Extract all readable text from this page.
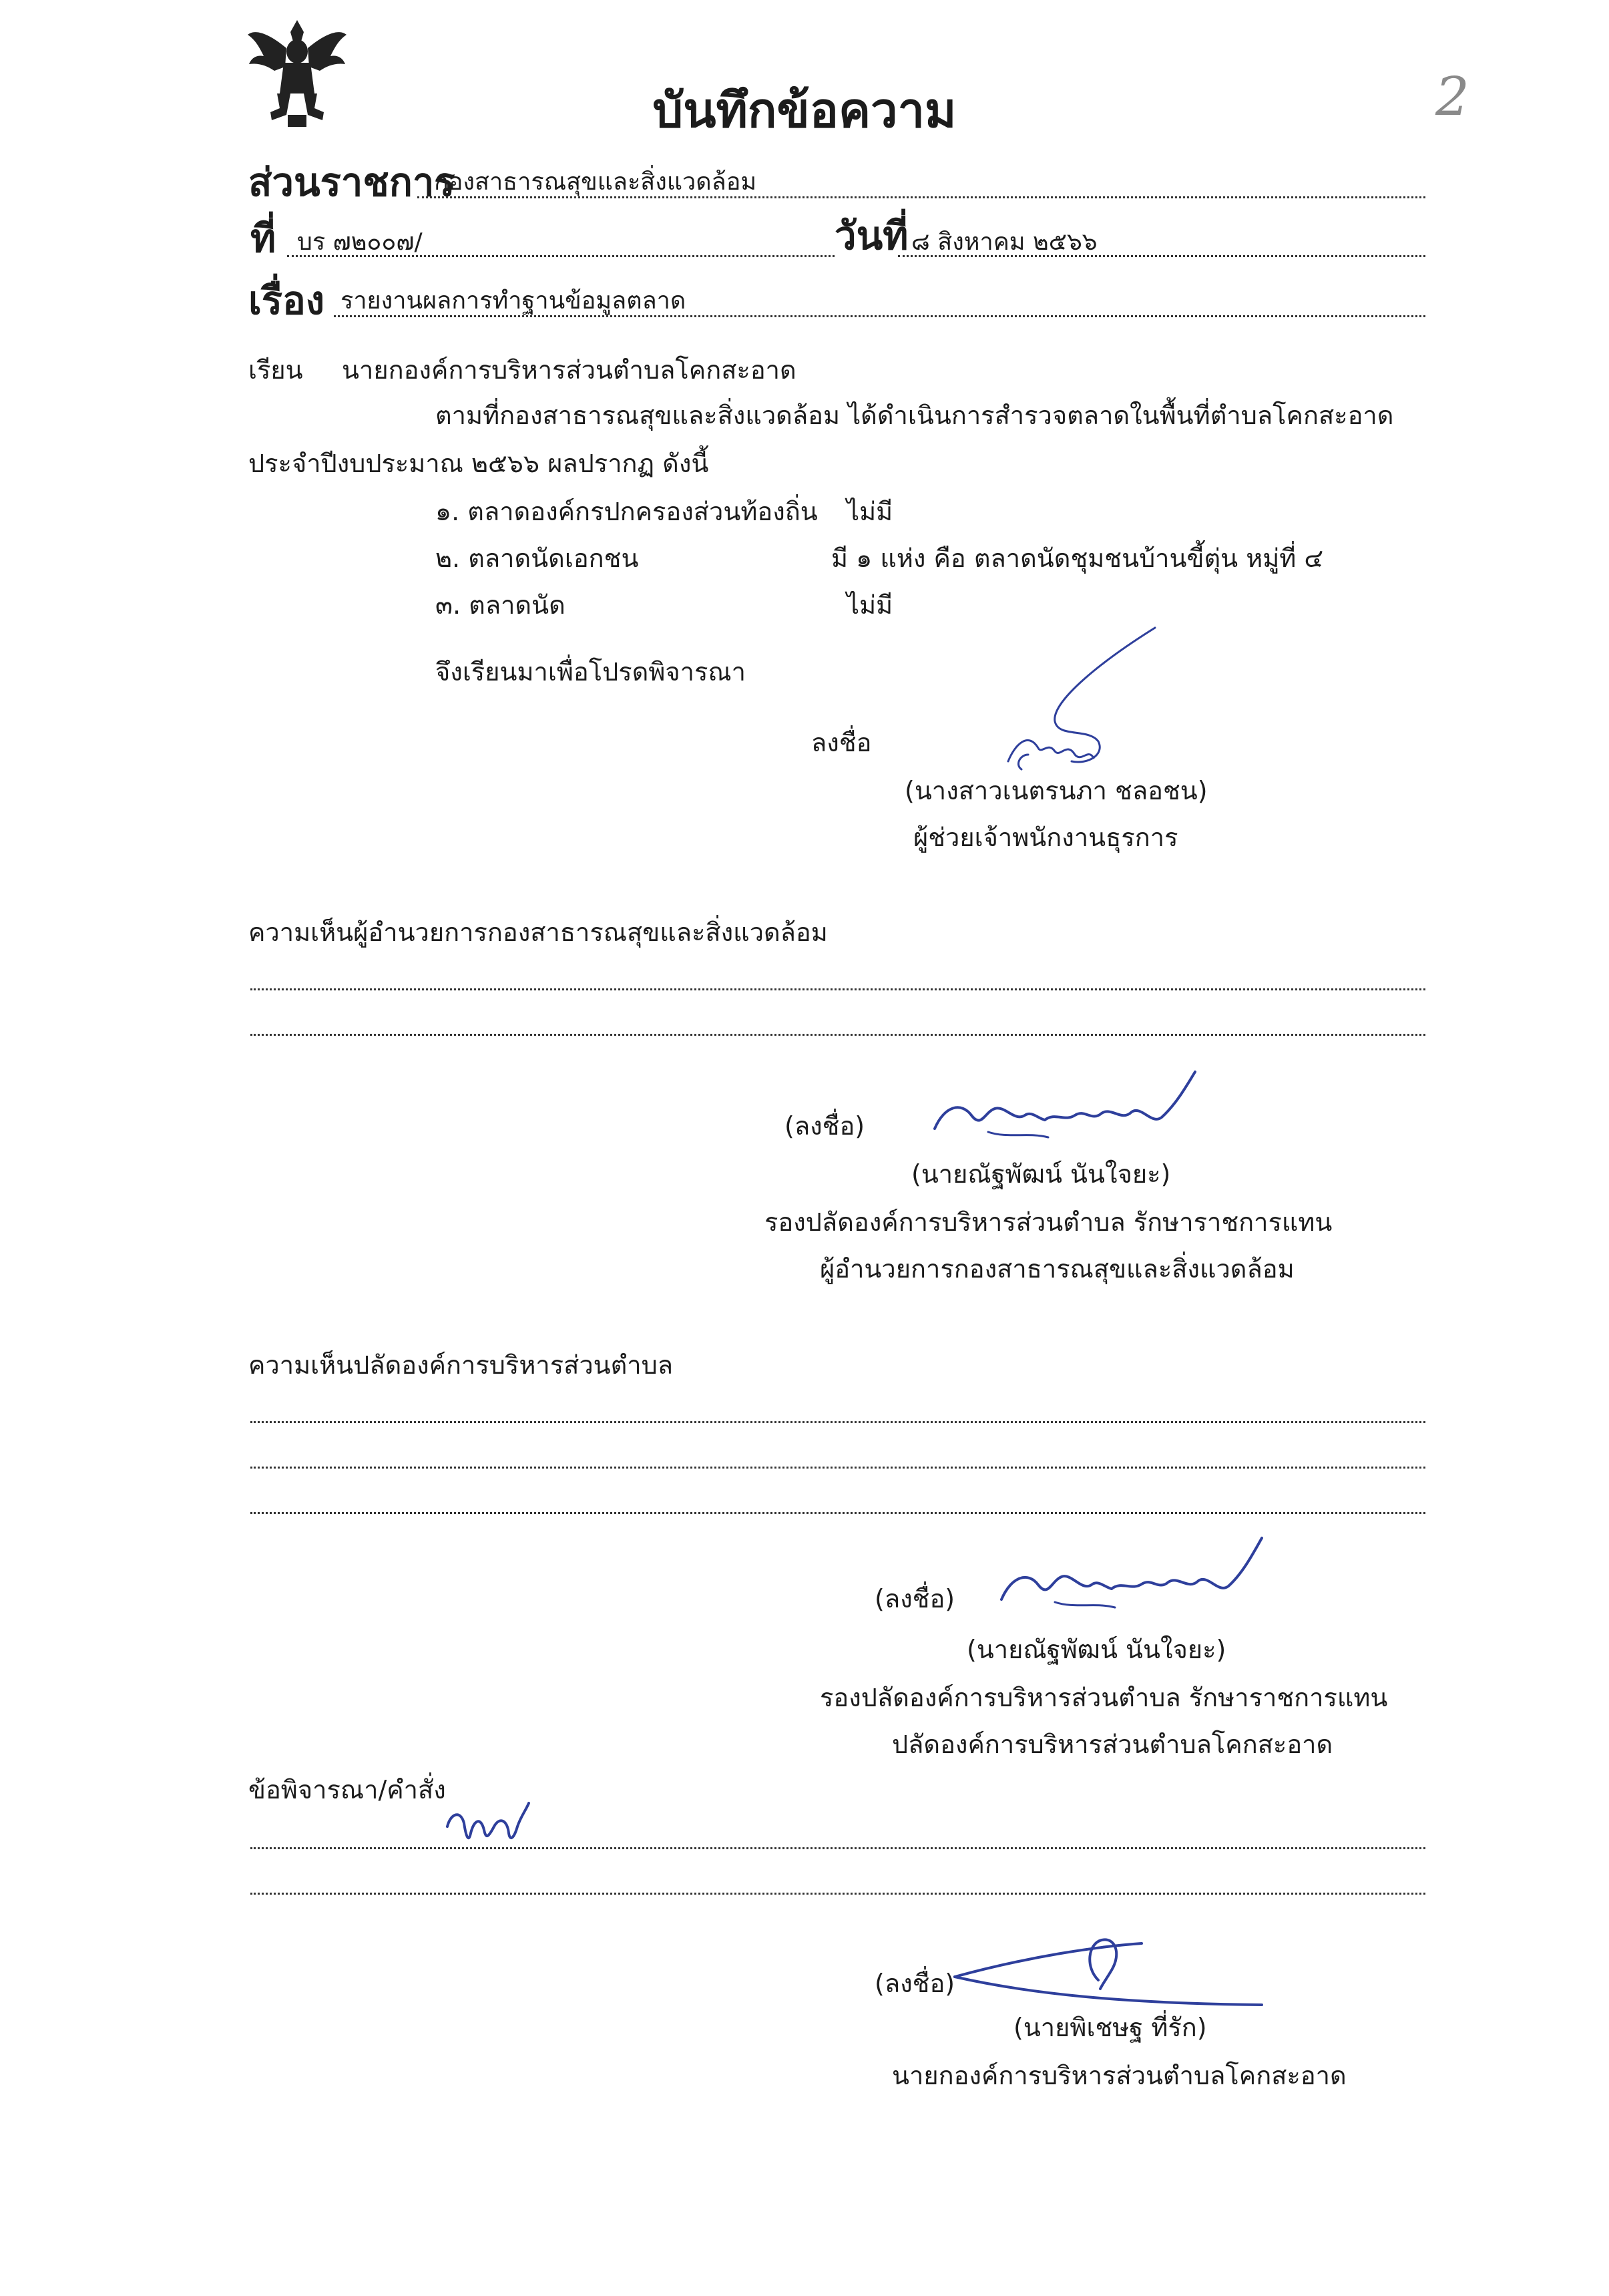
2
บันทึกข้อความ
ส่วนราชการ
กองสาธารณสุขและสิ่งแวดล้อม
ที่ บร ๗๒๐๐๗/	วันที่ ๘ สิงหาคม ๒๕๖๖
เรื่อง รายงานผลการทำฐานข้อมูลตลาด
เรียน นายกองค์การบริหารส่วนตำบลโคกสะอาด
ตามที่กองสาธารณสุขและสิ่งแวดล้อม ได้ดำเนินการสำรวจตลาดในพื้นที่ตำบลโคกสะอาด
ประจำปีงบประมาณ ๒๕๖๖ ผลปรากฏ ดังนี้
๑. ตลาดองค์กรปกครองส่วนท้องถิ่น ไม่มี
๒. ตลาดนัดเอกชน	มี ๑ แห่ง คือ ตลาดนัดชุมชนบ้านขี้ตุ่น หมู่ที่ ๔
๓. ตลาดนัด	ไม่มี
จึงเรียนมาเพื่อโปรดพิจารณา
ลงชื่อ
(นางสาวเนตรนภา ชลอชน)
ผู้ช่วยเจ้าพนักงานธุรการ
ความเห็นผู้อำนวยการกองสาธารณสุขและสิ่งแวดล้อม
(ลงชื่อ)
(นายณัฐพัฒน์ นันใจยะ)
รองปลัดองค์การบริหารส่วนตำบล รักษาราชการแทน
ผู้อำนวยการกองสาธารณสุขและสิ่งแวดล้อม
ความเห็นปลัดองค์การบริหารส่วนตำบล
(ลงชื่อ)
(นายณัฐพัฒน์ นันใจยะ)
รองปลัดองค์การบริหารส่วนตำบล รักษาราชการแทน
ปลัดองค์การบริหารส่วนตำบลโคกสะอาด
ข้อพิจารณา/คำสั่ง
(ลงชื่อ)
(นายพิเชษฐ ที่รัก)
นายกองค์การบริหารส่วนตำบลโคกสะอาด
